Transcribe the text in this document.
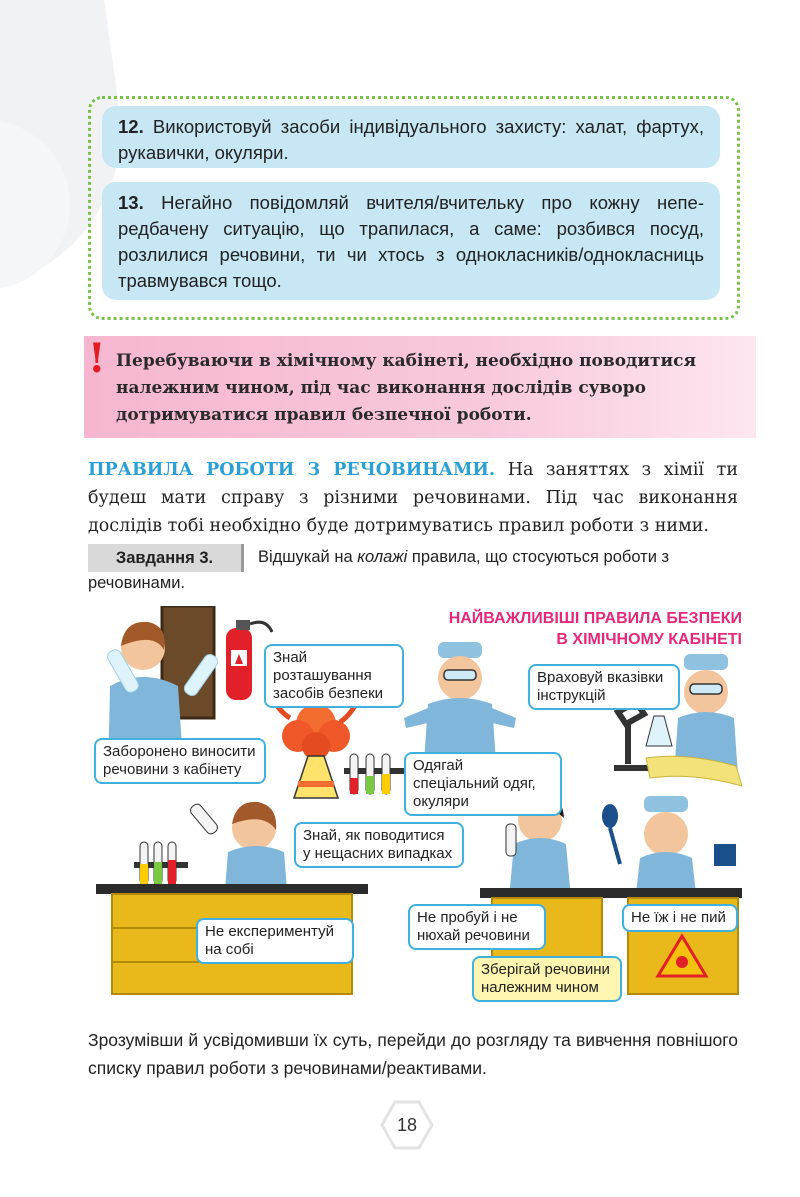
12. Використовуй засоби індивідуального захисту: халат, фартух, рукавички, окуляри.
13. Негайно повідомляй вчителя/вчительку про кожну непередбачену ситуацію, що трапилася, а саме: розбився посуд, розлилися речовини, ти чи хтось з однокласників/однокласниць травмувався тощо.
! Перебуваючи в хімічному кабінеті, необхідно поводитися належним чином, під час виконання дослідів суворо дотримуватися правил безпечної роботи.
ПРАВИЛА РОБОТИ З РЕЧОВИНАМИ. На заняттях з хімії ти будеш мати справу з різними речовинами. Під час виконання дослідів тобі необхідно буде дотримуватись правил роботи з ними.
Завдання 3.	Відшукай на колажі правила, що стосуються роботи з
речовинами.
НАЙВАЖЛИВІШІ ПРАВИЛА БЕЗПЕКИ
В ХІМІЧНОМУ КАБІНЕТІ
Знай розташування засобів безпеки
Враховуй вказівки інструкцій
Заборонено виносити речовини з кабінету	Одягай спеціальний одяг, окуляри
Знай, як поводитися у нещасних випадках
Не експериментуй на собі
Не пробуй і не нюхай речовини
Не їж і не пий
Зберігай речовини належним чином
Зрозумівши й усвідомивши їх суть, перейди до розгляду та вивчення повнішого списку правил роботи з речовинами/реактивами.
18
